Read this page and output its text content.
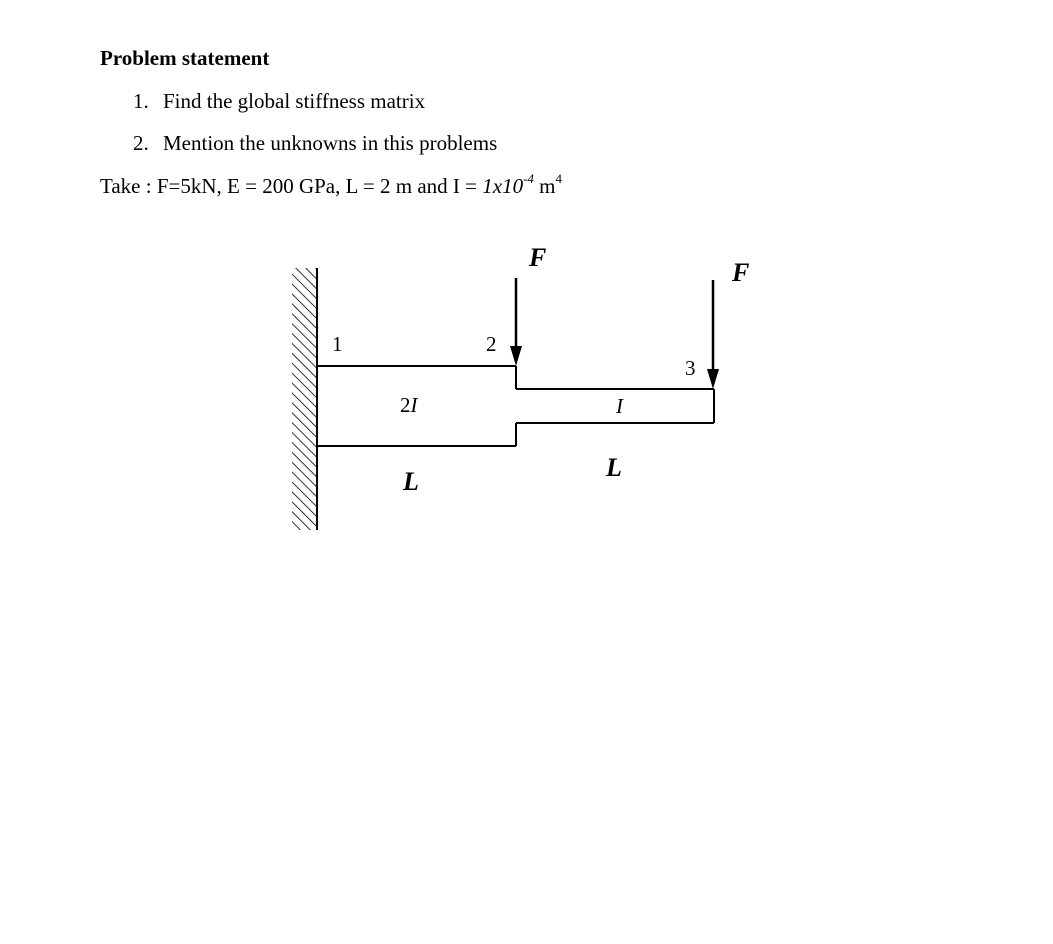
Problem statement
1. Find the global stiffness matrix
2. Mention the unknowns in this problems
Take : F=5kN, E = 200 GPa, L = 2 m and $I = 1x10^{-4}$ $m^4$
F
F
1	2
3
2I	I
L	L
